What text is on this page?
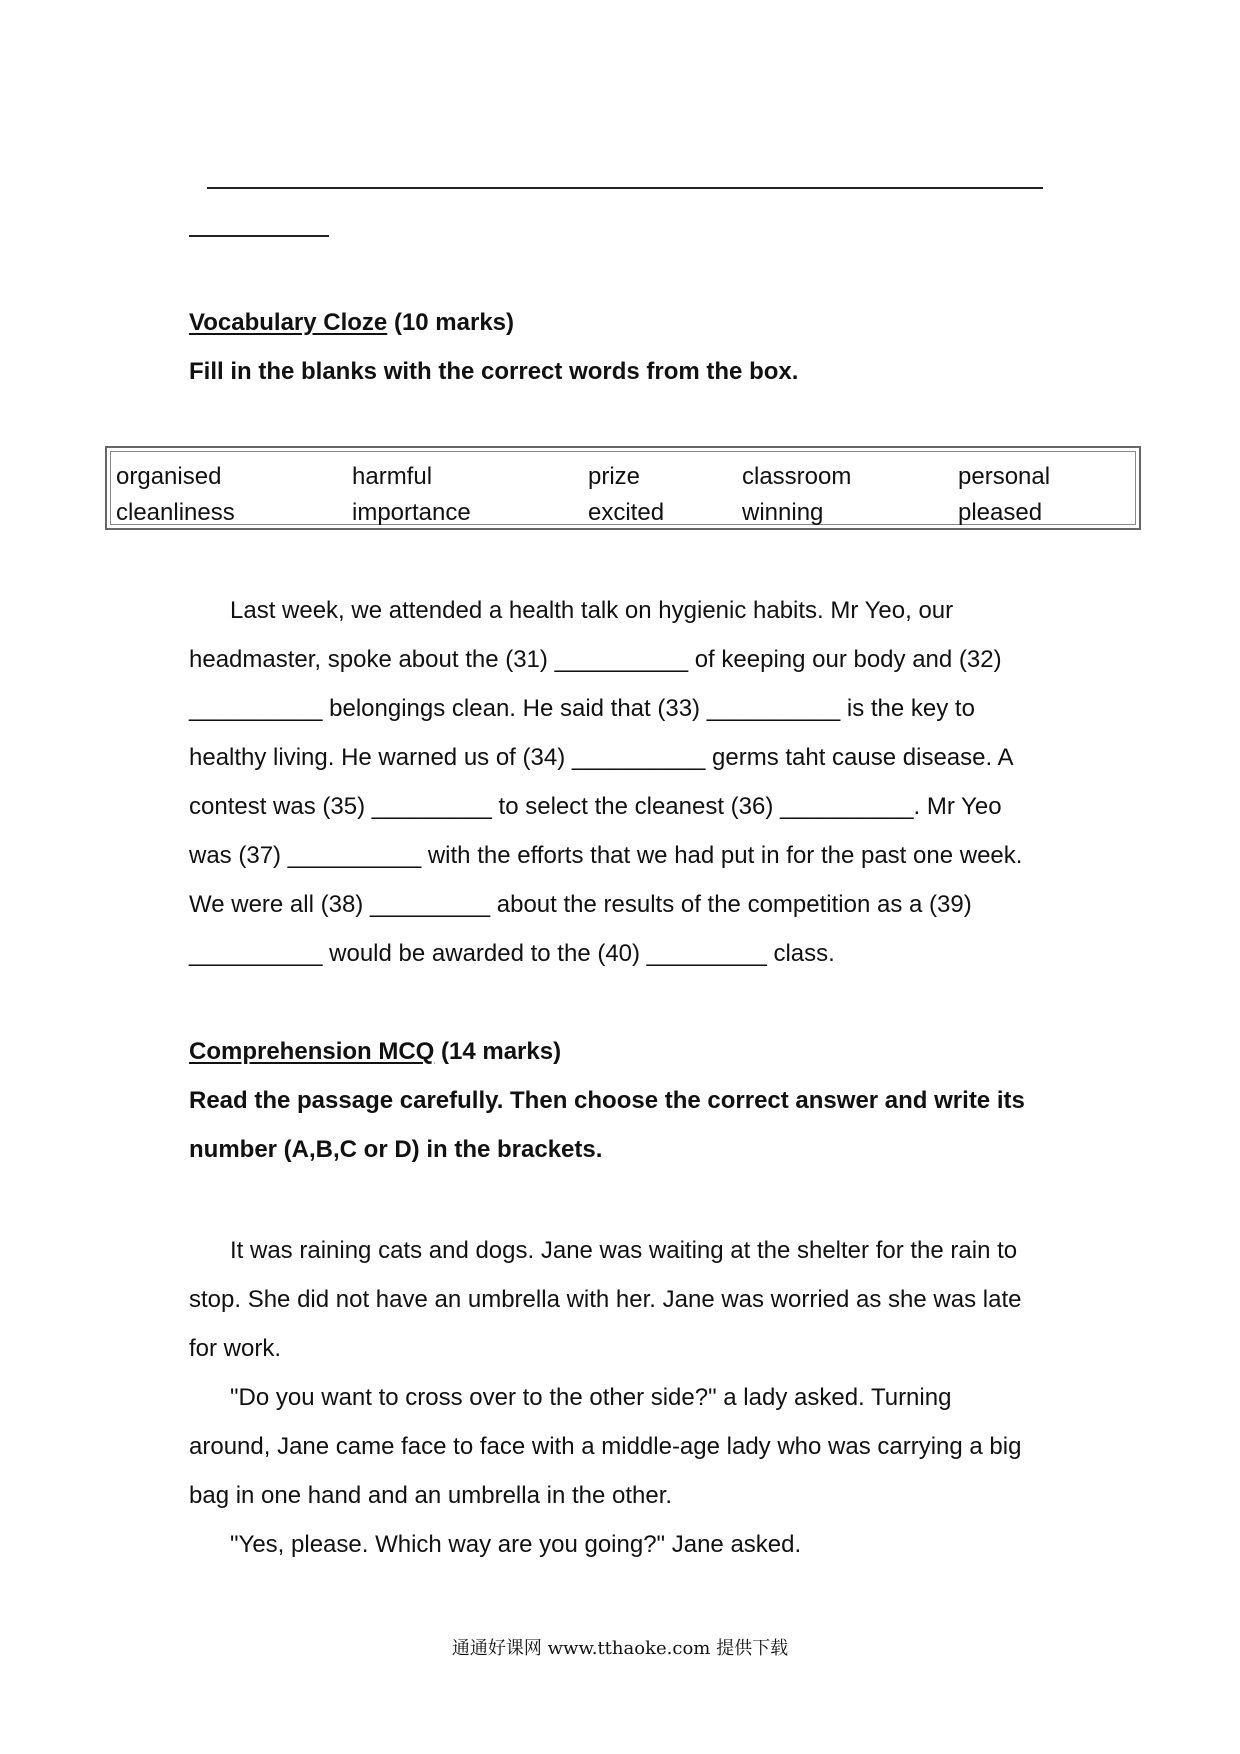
Vocabulary Cloze (10 marks)
Fill in the blanks with the correct words from the box.
organised	harmful	prize	classroom	personal
cleanliness	importance	excited	winning	pleased
Last week, we attended a health talk on hygienic habits. Mr Yeo, our
headmaster, spoke about the (31) __________ of keeping our body and (32)
__________ belongings clean. He said that (33) __________ is the key to
healthy living. He warned us of (34) __________ germs taht cause disease. A
contest was (35) _________ to select the cleanest (36) __________. Mr Yeo
was (37) __________ with the efforts that we had put in for the past one week.
We were all (38) _________ about the results of the competition as a (39)
__________ would be awarded to the (40) _________ class.
Comprehension MCQ (14 marks)
Read the passage carefully. Then choose the correct answer and write its
number (A,B,C or D) in the brackets.
It was raining cats and dogs. Jane was waiting at the shelter for the rain to
stop. She did not have an umbrella with her. Jane was worried as she was late
for work.
"Do you want to cross over to the other side?" a lady asked. Turning
around, Jane came face to face with a middle-age lady who was carrying a big
bag in one hand and an umbrella in the other.
"Yes, please. Which way are you going?" Jane asked.
通通好课网 www.tthaoke.com 提供下载
